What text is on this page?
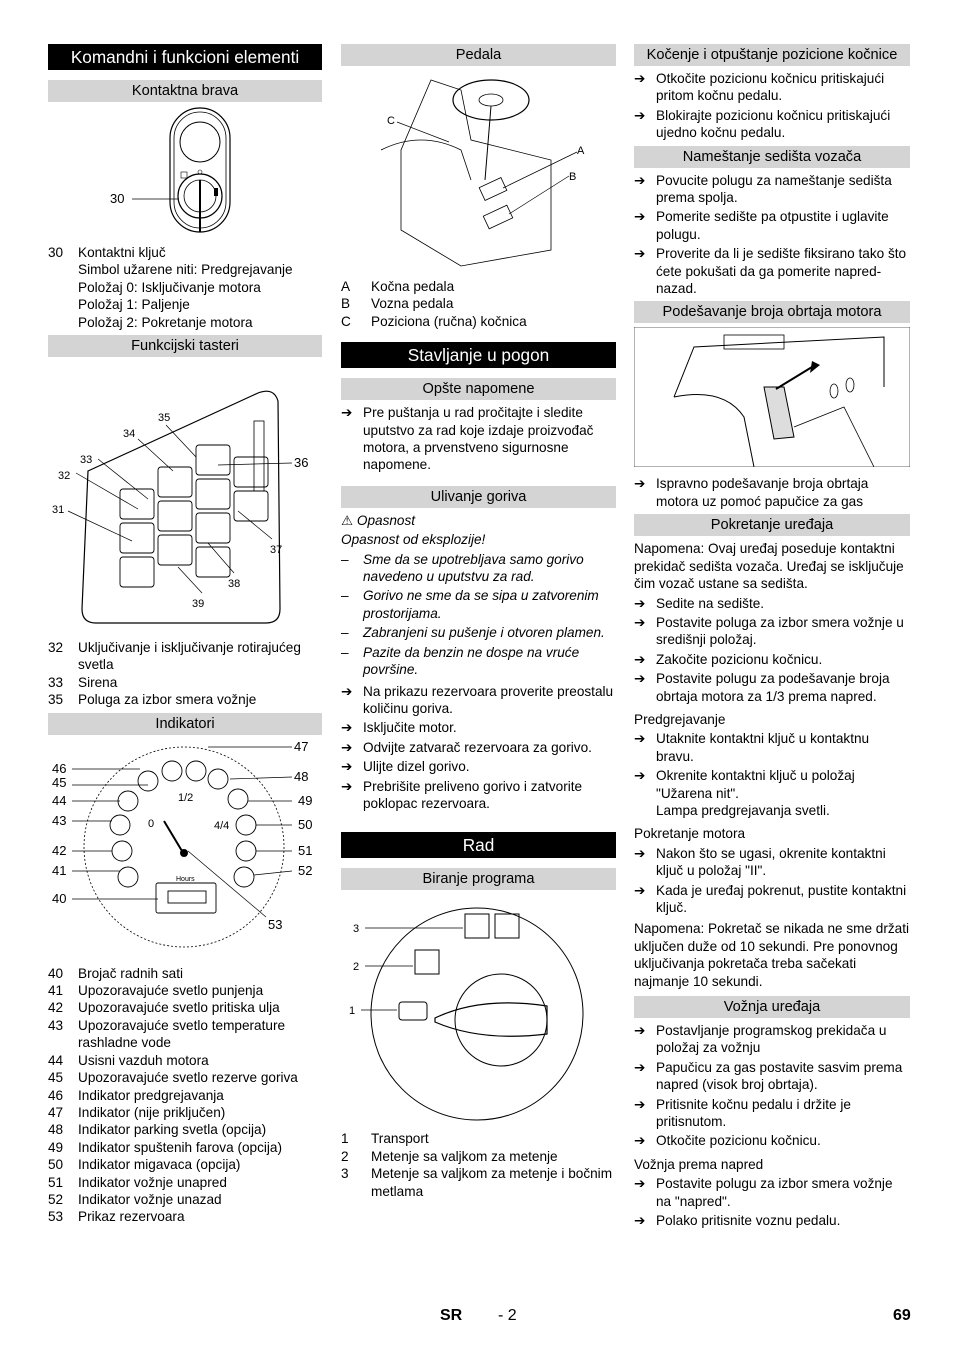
Komandni i funkcioni elementi
Kontaktna brava
30
30	Kontaktni ključ
Simbol užarene niti: Predgrejavanje
Položaj 0: Isključivanje motora
Položaj 1: Paljenje
Položaj 2: Pokretanje motora
Funkcijski tasteri
35
34
33
32
36
31
37
38
39
32	Uključivanje i isključivanje rotirajućeg svetla
33	Sirena
35	Poluga za izbor smera vožnje
Indikatori
1/2
4/4
0
Hours
46
45
44
43
42
41
40
47
48
49
50
51
52
53
40	Brojač radnih sati
41	Upozoravajuće svetlo punjenja
42	Upozoravajuće svetlo pritiska ulja
43	Upozoravajuće svetlo temperature rashladne vode
44	Usisni vazduh motora
45	Upozoravajuće svetlo rezerve goriva
46	Indikator predgrejavanja
47	Indikator (nije priključen)
48	Indikator parking svetla (opcija)
49	Indikator spuštenih farova (opcija)
50	Indikator migavaca (opcija)
51	Indikator vožnje unapred
52	Indikator vožnje unazad
53	Prikaz rezervoara
Pedala
C
A
B
A	Kočna pedala
B	Vozna pedala
C	Poziciona (ručna) kočnica
Stavljanje u pogon
Opšte napomene
➔ Pre puštanja u rad pročitajte i sledite uputstvo za rad koje izdaje proizvođač motora, a prvenstveno sigurnosne napomene.
Ulivanje goriva

⚠ Opasnost

Opasnost od eksplozije!

–	Sme da se upotrebljava samo gorivo navedeno u uputstvu za rad.
–	Gorivo ne sme da se sipa u zatvorenim prostorijama.
–	Zabranjeni su pušenje i otvoren plamen.
–	Pazite da benzin ne dospe na vruće površine.
➔ Na prikazu rezervoara proverite preostalu količinu goriva.
➔ Isključite motor.
➔ Odvijte zatvarač rezervoara za gorivo.
➔ Ulijte dizel gorivo.
➔ Prebrišite preliveno gorivo i zatvorite poklopac rezervoara.
Rad
Biranje programa
3
2
1
1	Transport
2	Metenje sa valjkom za metenje
3	Metenje sa valjkom za metenje i bočnim metlama
Kočenje i otpuštanje pozicione kočnice
➔ Otkočite pozicionu kočnicu pritiskajući pritom kočnu pedalu.
➔ Blokirajte pozicionu kočnicu pritiskajući ujedno kočnu pedalu.
Nameštanje sedišta vozača
➔ Povucite polugu za nameštanje sedišta prema spolja.
➔ Pomerite sedište pa otpustite i uglavite polugu.
➔ Proverite da li je sedište fiksirano tako što ćete pokušati da ga pomerite napred-nazad.
Podešavanje broja obrtaja motora
➔ Ispravno podešavanje broja obrtaja motora uz pomoć papučice za gas
Pokretanje uređaja

Napomena: Ovaj uređaj poseduje kontaktni prekidač sedišta vozača. Uređaj se isključuje čim vozač ustane sa sedišta.

➔ Sedite na sedište.
➔ Postavite poluga za izbor smera vožnje u središnji položaj.
➔ Zakočite pozicionu kočnicu.
➔ Postavite polugu za podešavanje broja obrtaja motora za 1/3 prema napred.

Predgrejavanje

➔ Utaknite kontaktni ključ u kontaktnu bravu.
➔ Okrenite kontaktni ključ u položaj "Užarena nit".
Lampa predgrejavanja svetli.

Pokretanje motora

➔ Nakon što se ugasi, okrenite kontaktni ključ u položaj "II".
➔ Kada je uređaj pokrenut, pustite kontaktni ključ.

Napomena: Pokretač se nikada ne sme držati uključen duže od 10 sekundi. Pre ponovnog uključivanja pokretača treba sačekati najmanje 10 sekundi.

Vožnja uređaja
➔ Postavljanje programskog prekidača u položaj za vožnju
➔ Papučicu za gas postavite sasvim prema napred (visok broj obrtaja).
➔ Pritisnite kočnu pedalu i držite je pritisnutom.
➔ Otkočite pozicionu kočnicu.

Vožnja prema napred

➔ Postavite polugu za izbor smera vožnje na "napred".
➔ Polako pritisnite voznu pedalu.
SR - 2	69
